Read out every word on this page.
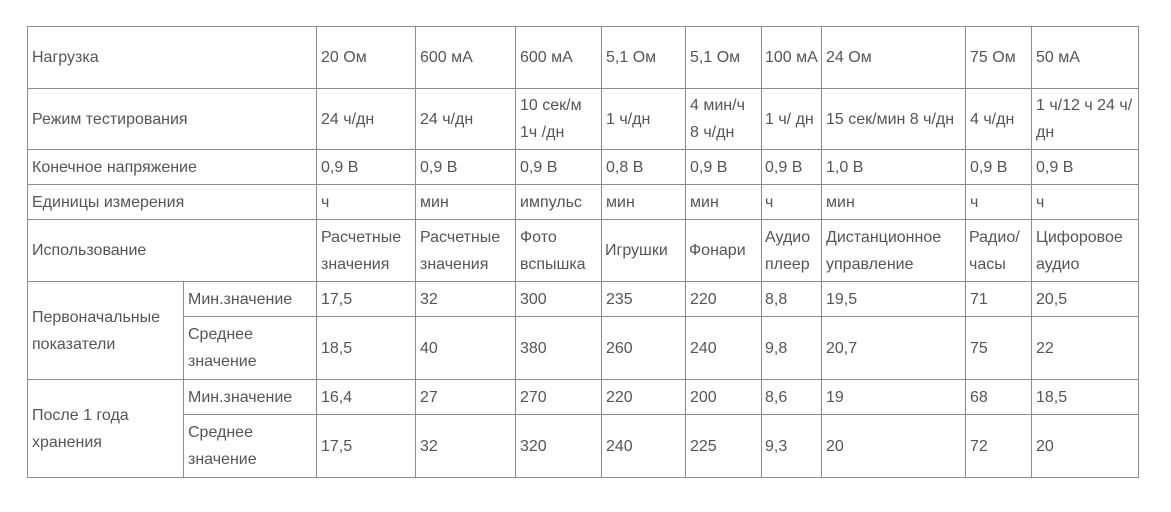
Нагрузка		20 Ом	600 мА	600 мА	5,1 Ом	5,1 Ом	100 мА	24 Ом	75 Ом	50 мА
Режим тестирования		24 ч/дн	24 ч/дн	10 сек/м 1ч /дн	1 ч/дн	4 мин/ч 8 ч/дн	1 ч/ дн	15 сек/мин 8 ч/дн	4 ч/дн	1 ч/12 ч 24 ч/дн
Конечное напряжение		0,9 В	0,9 В	0,9 В	0,8 В	0,9 В	0,9 В	1,0 В	0,9 В	0,9 В
Единицы измерения		ч	мин	импульс	мин	мин	ч	мин	ч	ч
Использование		Расчетные значения	Расчетные значения	Фото вспышка	Игрушки	Фонари	Аудио плеер	Дистанционное управление	Радио/ часы	Цифоровое аудио
Первоначальные показатели	Мин.значение	17,5	32	300	235	220	8,8	19,5	71	20,5
	Среднее значение	18,5	40	380	260	240	9,8	20,7	75	22
После 1 года хранения	Мин.значение	16,4	27	270	220	200	8,6	19	68	18,5
	Среднее значение	17,5	32	320	240	225	9,3	20	72	20
